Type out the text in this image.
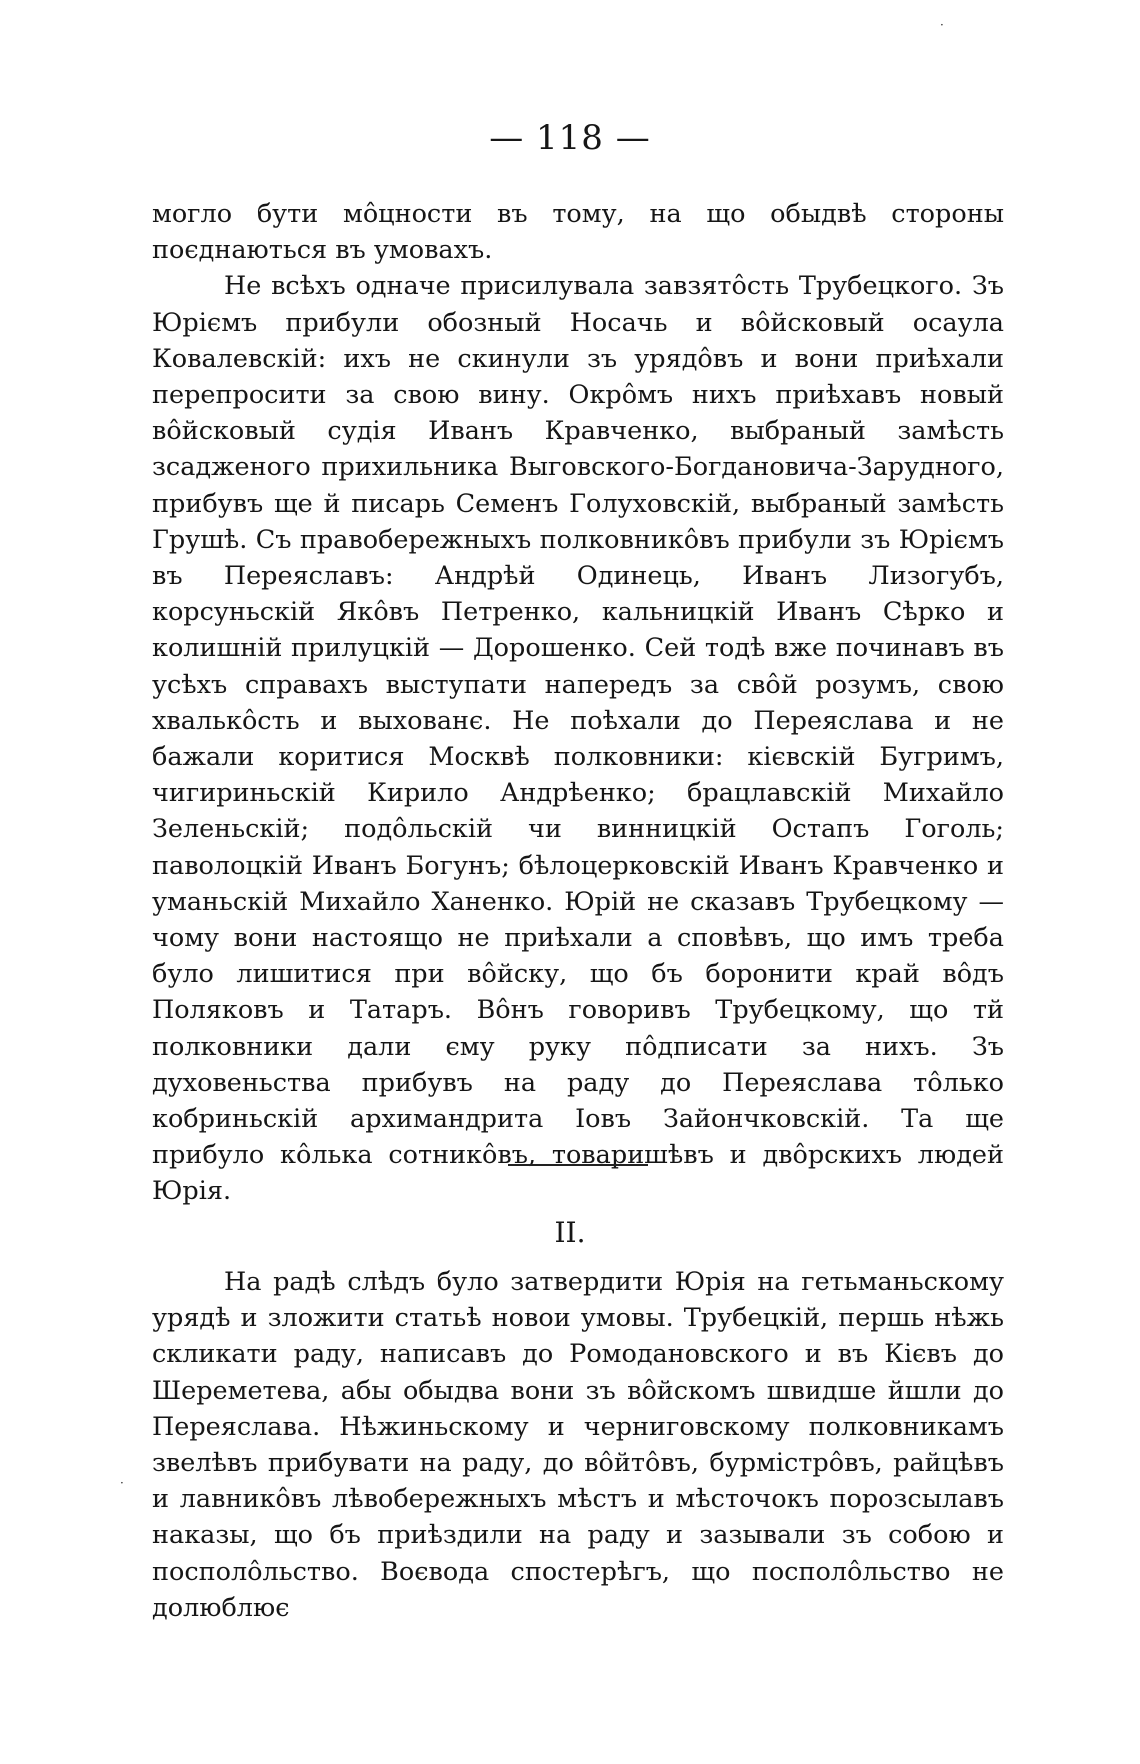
— 118 —

могло бути мôцности въ тому, на що обыдвѣ стороны поєднаються въ умовахъ.

Не всѣхъ одначе присилувала завзятôсть Трубецкого. Зъ Юріємъ прибули обозный Носачь и вôйсковый осаула Ковалевскій: ихъ не скинули зъ урядôвъ и вони приѣхали перепросити за свою вину. Окрôмъ нихъ приѣхавъ новый вôйсковый судія Иванъ Кравченко, выбраный замѣсть зсадженого прихильника Выговского-Богдановича-Зарудного, прибувъ ще й писарь Семенъ Голуховскій, выбраный замѣсть Грушѣ. Съ правобережныхъ полковникôвъ прибули зъ Юріємъ въ Переяславъ: Андрѣй Одинець, Иванъ Лизогубъ, корсуньскій Якôвъ Петренко, кальницкій Иванъ Сѣрко и колишній прилуцкій — Дорошенко. Сей тодѣ вже починавъ въ усѣхъ справахъ выступати напередъ за свôй розумъ, свою хвалькôсть и выхованє. Не поѣхали до Переяслава и не бажали коритися Москвѣ полковники: кієвскій Бугримъ, чигириньскій Кирило Андрѣенко; брацлавскій Михайло Зеленьскій; подôльскій чи винницкій Остапъ Гоголь; паволоцкій Иванъ Богунъ; бѣлоцерковскій Иванъ Кравченко и уманьскій Михайло Ханенко. Юрій не сказавъ Трубецкому — чому вони настоящо не приѣхали а сповѣвъ, що имъ треба було лишитися при вôйску, що бъ боронити край вôдъ Поляковъ и Татаръ. Вôнъ говоривъ Трубецкому, що тй полковники дали єму руку пôдписати за нихъ. Зъ духовеньства прибувъ на раду до Переяслава тôлько кобриньскій архимандрита Іовъ Зайончковскій. Та ще прибуло кôлька сотникôвъ, товаришѣвъ и двôрскихъ людей Юрія.

II.

На радѣ слѣдъ було затвердити Юрія на гетьманьскому урядѣ и зложити статьѣ новои умовы. Трубецкій, першь нѣжь скликати раду, написавъ до Ромодановского и въ Кієвъ до Шереметева, абы обыдва вони зъ вôйскомъ швидше йшли до Переяслава. Нѣжиньскому и черниговскому полковникамъ звелѣвъ прибувати на раду, до вôйтôвъ, бурмістрôвъ, райцѣвъ и лавникôвъ лѣвобережныхъ мѣстъ и мѣсточокъ порозсылавъ наказы, що бъ приѣздили на раду и зазывали зъ собою и посполôльство. Воєвода спостерѣгъ, що посполôльство не долюблює

·
·
